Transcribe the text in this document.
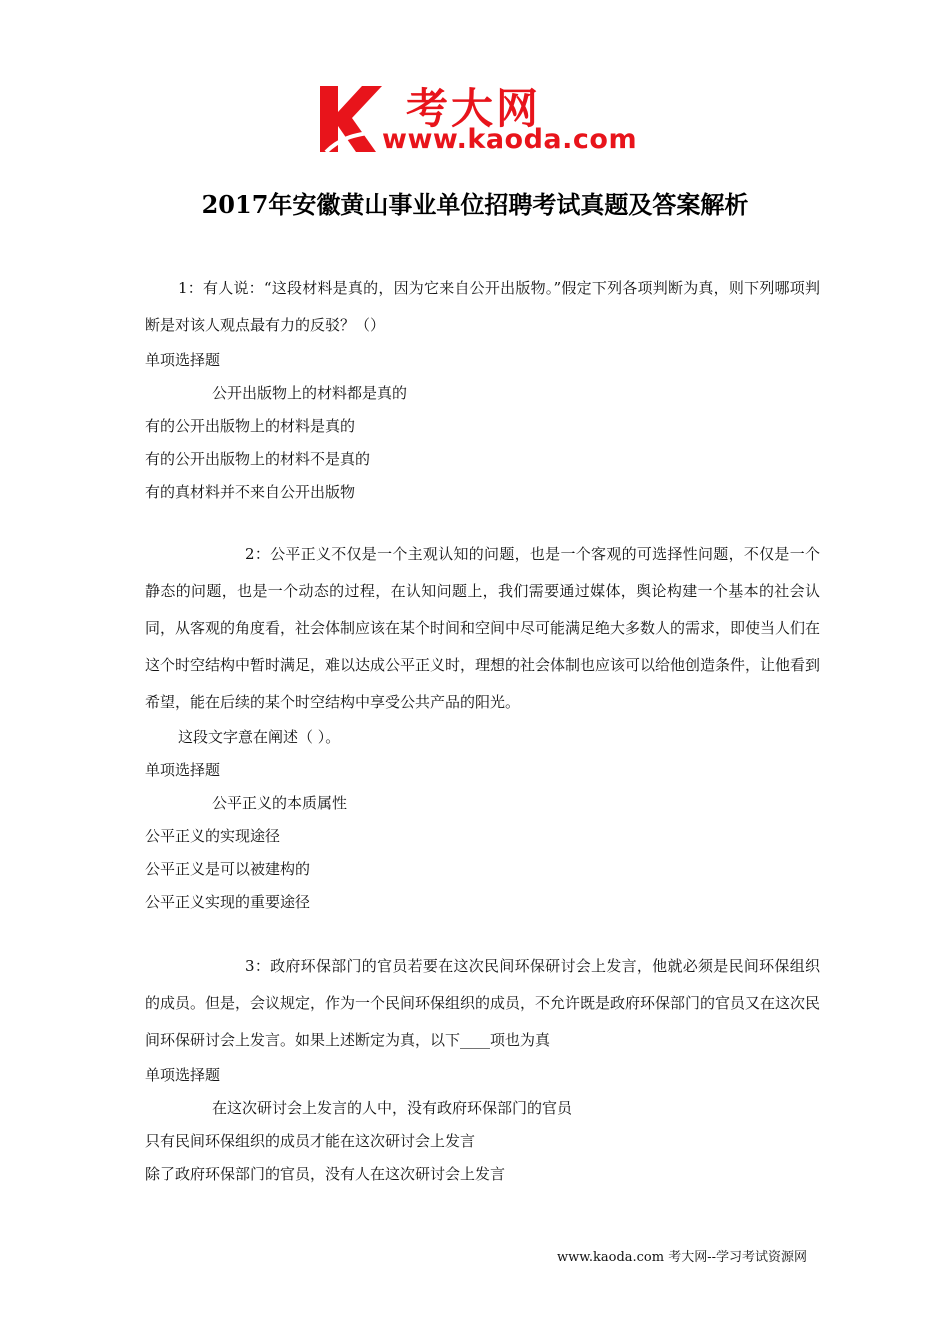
考大网
www.kaoda.com
2017年安徽黄山事业单位招聘考试真题及答案解析

1：有人说：“这段材料是真的，因为它来自公开出版物。”假定下列各项判断为真，则下列哪项判断是对该人观点最有力的反驳？（）

单项选择题

公开出版物上的材料都是真的

有的公开出版物上的材料是真的

有的公开出版物上的材料不是真的

有的真材料并不来自公开出版物

2：公平正义不仅是一个主观认知的问题，也是一个客观的可选择性问题，不仅是一个静态的问题，也是一个动态的过程，在认知问题上，我们需要通过媒体，舆论构建一个基本的社会认同，从客观的角度看，社会体制应该在某个时间和空间中尽可能满足绝大多数人的需求，即使当人们在这个时空结构中暂时满足，难以达成公平正义时，理想的社会体制也应该可以给他创造条件，让他看到希望，能在后续的某个时空结构中享受公共产品的阳光。

这段文字意在阐述（ ）。

单项选择题

公平正义的本质属性

公平正义的实现途径

公平正义是可以被建构的

公平正义实现的重要途径

3：政府环保部门的官员若要在这次民间环保研讨会上发言，他就必须是民间环保组织的成员。但是，会议规定，作为一个民间环保组织的成员，不允许既是政府环保部门的官员又在这次民间环保研讨会上发言。如果上述断定为真，以下____项也为真

单项选择题

在这次研讨会上发言的人中，没有政府环保部门的官员

只有民间环保组织的成员才能在这次研讨会上发言

除了政府环保部门的官员，没有人在这次研讨会上发言

www.kaoda.com 考大网--学习考试资源网
